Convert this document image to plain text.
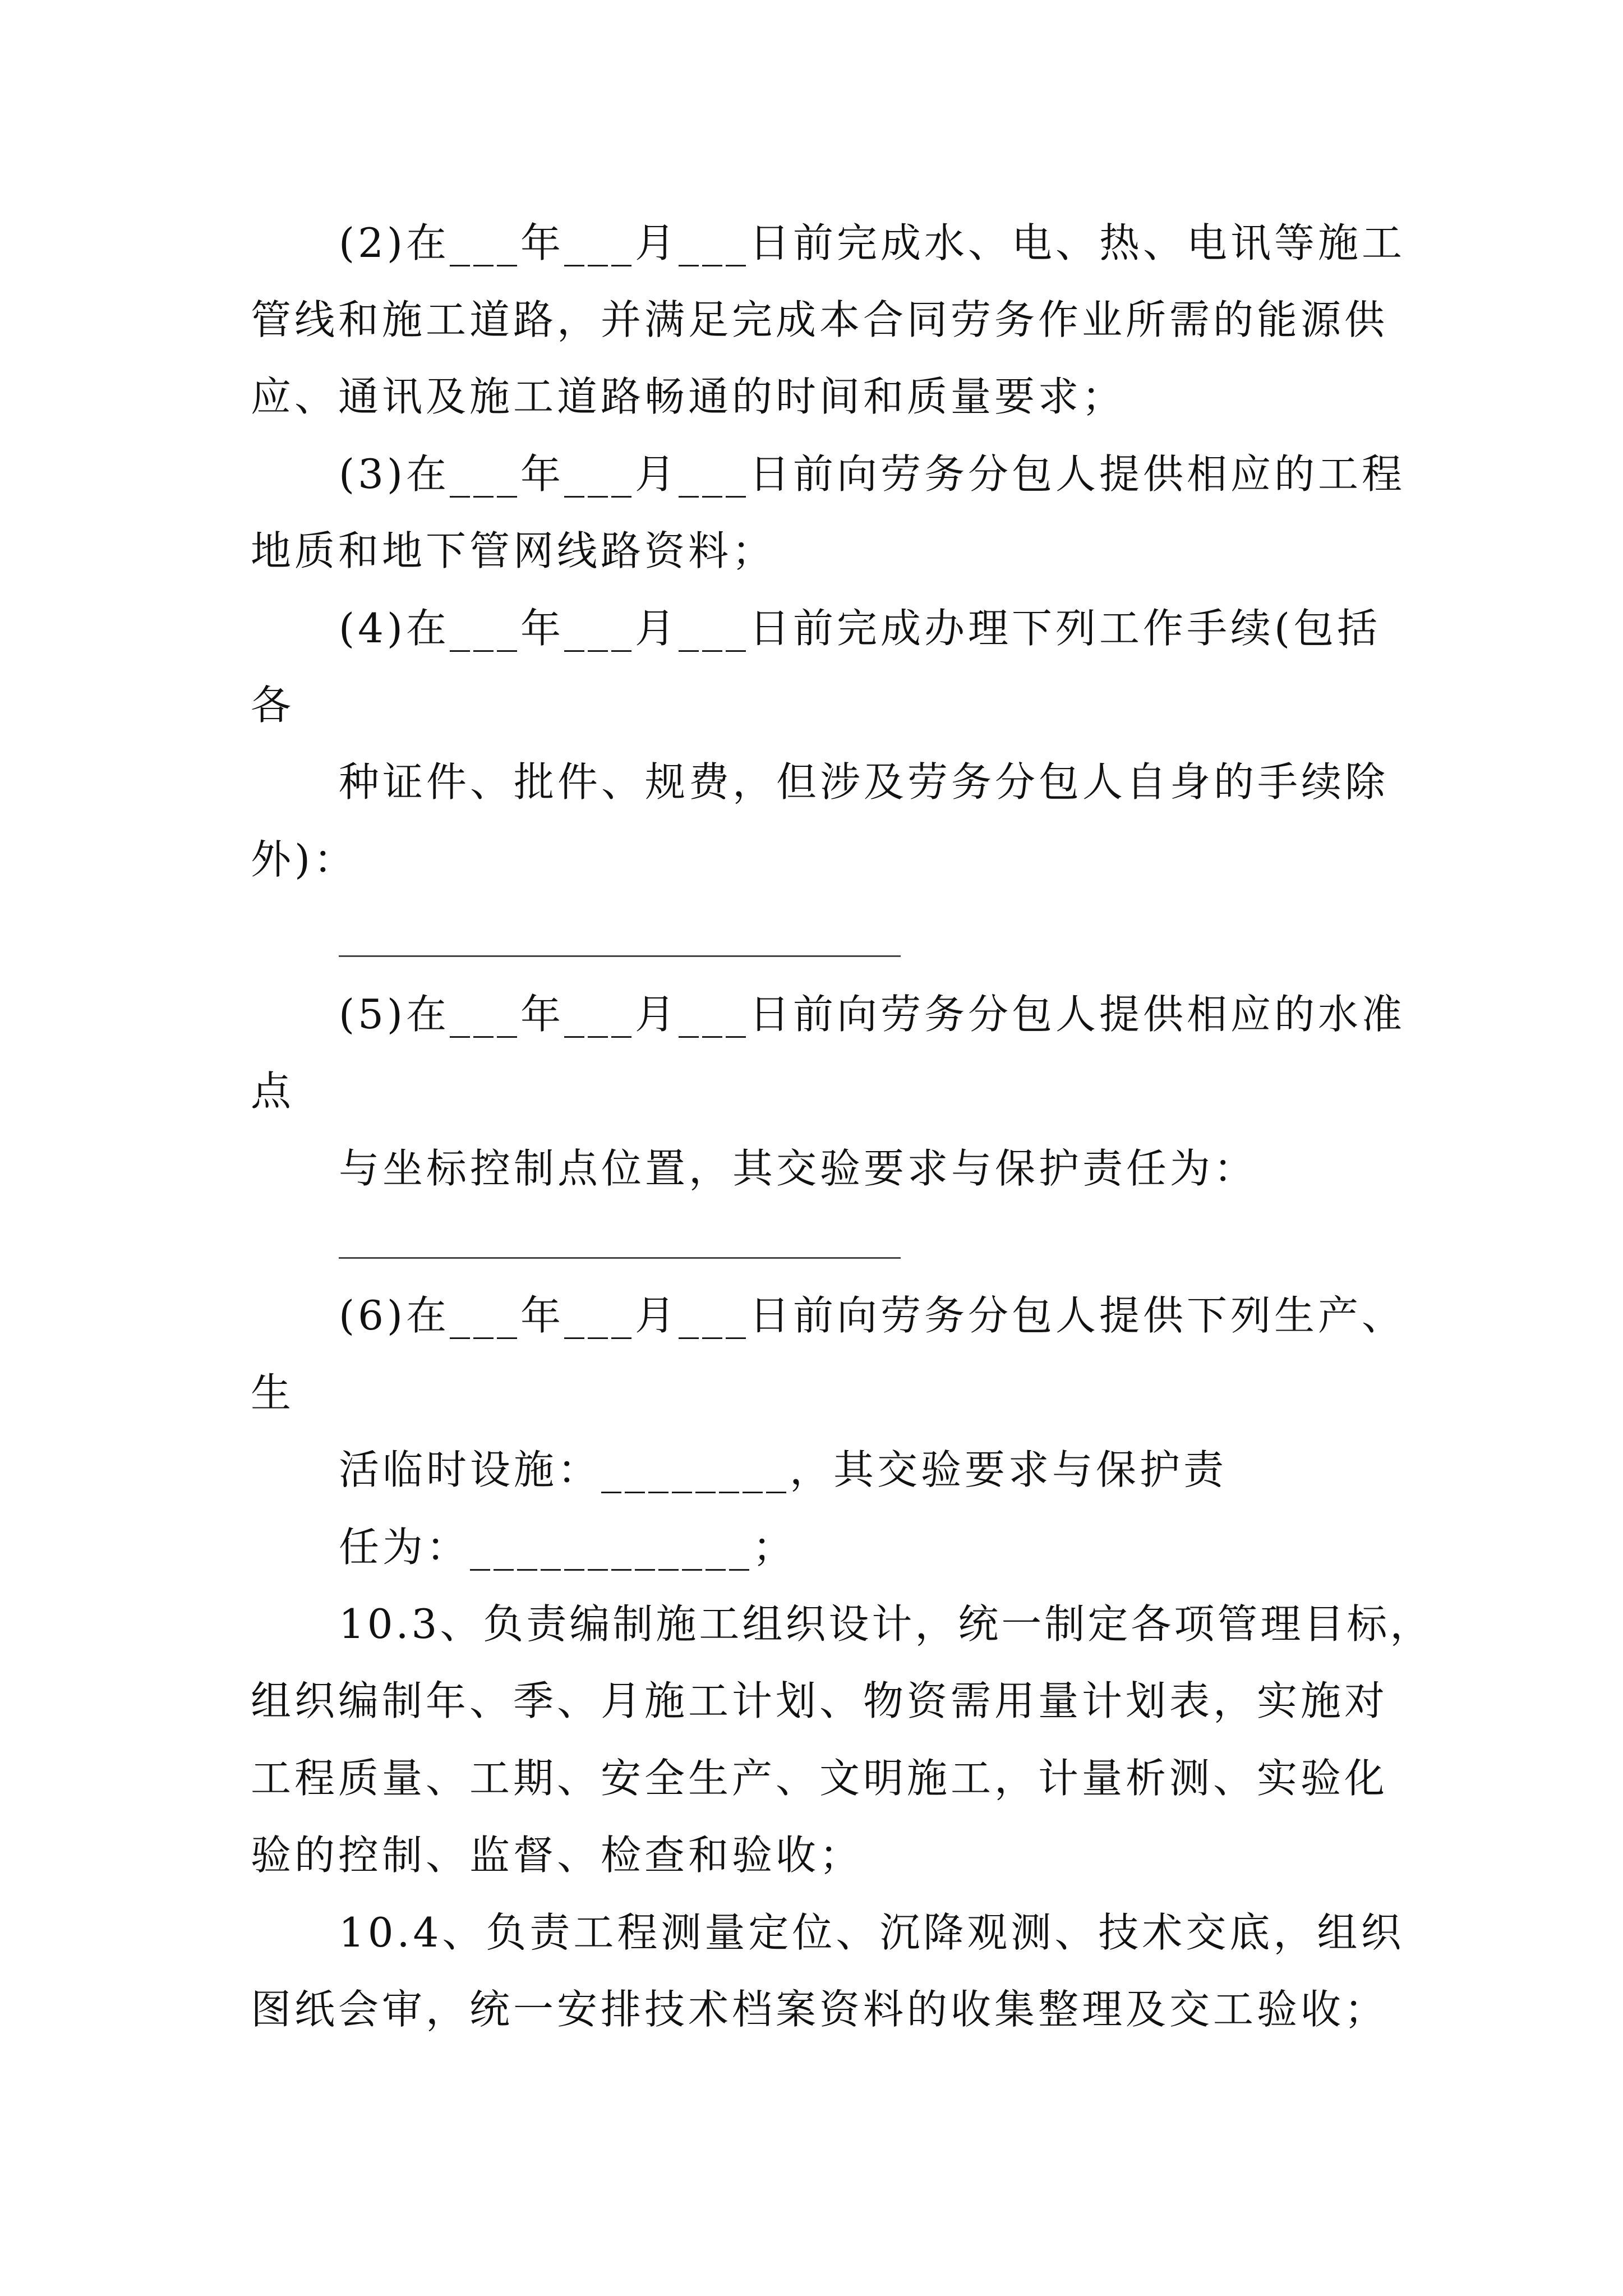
(2)在___年___月___日前完成水、电、热、电讯等施工
管线和施工道路，并满足完成本合同劳务作业所需的能源供
应、通讯及施工道路畅通的时间和质量要求；
(3)在___年___月___日前向劳务分包人提供相应的工程
地质和地下管网线路资料；
(4)在___年___月___日前完成办理下列工作手续(包括
各
种证件、批件、规费，但涉及劳务分包人自身的手续除
外)：
(5)在___年___月___日前向劳务分包人提供相应的水准
点
与坐标控制点位置，其交验要求与保护责任为：
(6)在___年___月___日前向劳务分包人提供下列生产、
生
活临时设施：________，其交验要求与保护责
任为：____________；
10.3、负责编制施工组织设计，统一制定各项管理目标，
组织编制年、季、月施工计划、物资需用量计划表，实施对
工程质量、工期、安全生产、文明施工，计量析测、实验化
验的控制、监督、检查和验收；
10.4、负责工程测量定位、沉降观测、技术交底，组织
图纸会审，统一安排技术档案资料的收集整理及交工验收；
